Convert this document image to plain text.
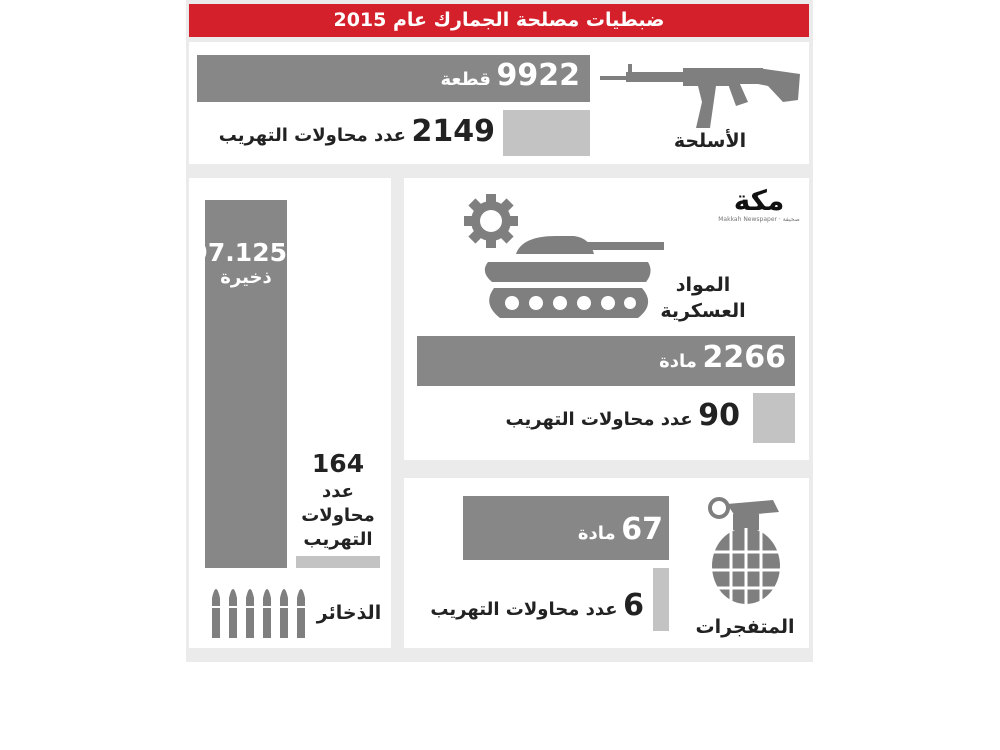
ضبطيات مصلحة الجمارك عام 2015
9922 قطعة
2149 عدد محاولات التهريب	الأسلحة
مكة
Makkah Newspaper · صحيفة
المواد
العسكرية
2266 مادة
90 عدد محاولات التهريب
97.125
ذخيرة
164
عدد
محاولات
التهريب
الذخائر
67 مادة
6 عدد محاولات التهريب
المتفجرات
